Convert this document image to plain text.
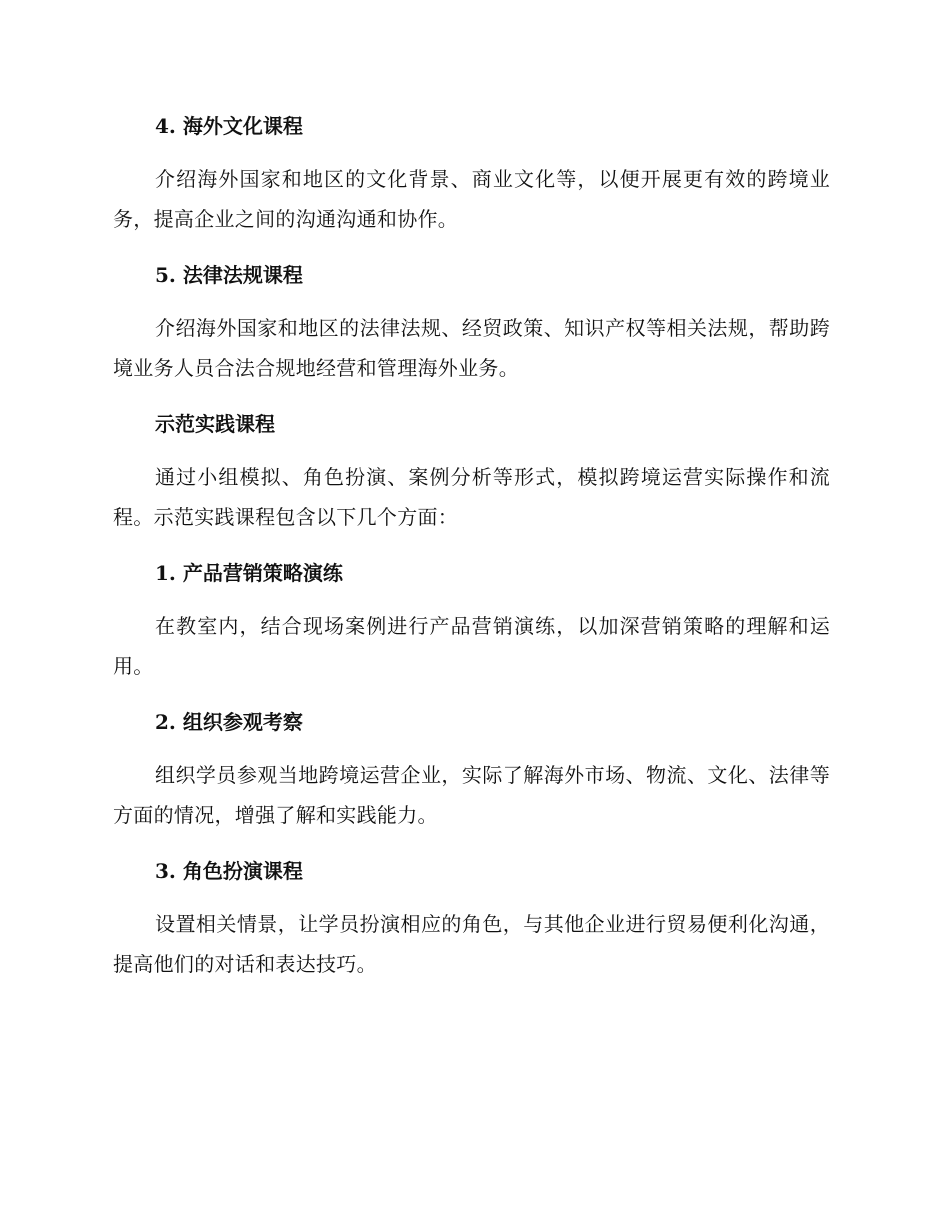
4. 海外文化课程
介绍海外国家和地区的文化背景、商业文化等，以便开展更有效的跨境业务，提高企业之间的沟通沟通和协作。
5. 法律法规课程
介绍海外国家和地区的法律法规、经贸政策、知识产权等相关法规，帮助跨境业务人员合法合规地经营和管理海外业务。
示范实践课程
通过小组模拟、角色扮演、案例分析等形式，模拟跨境运营实际操作和流程。示范实践课程包含以下几个方面：
1. 产品营销策略演练
在教室内，结合现场案例进行产品营销演练，以加深营销策略的理解和运用。
2. 组织参观考察
组织学员参观当地跨境运营企业，实际了解海外市场、物流、文化、法律等方面的情况，增强了解和实践能力。
3. 角色扮演课程
设置相关情景，让学员扮演相应的角色，与其他企业进行贸易便利化沟通，提高他们的对话和表达技巧。
